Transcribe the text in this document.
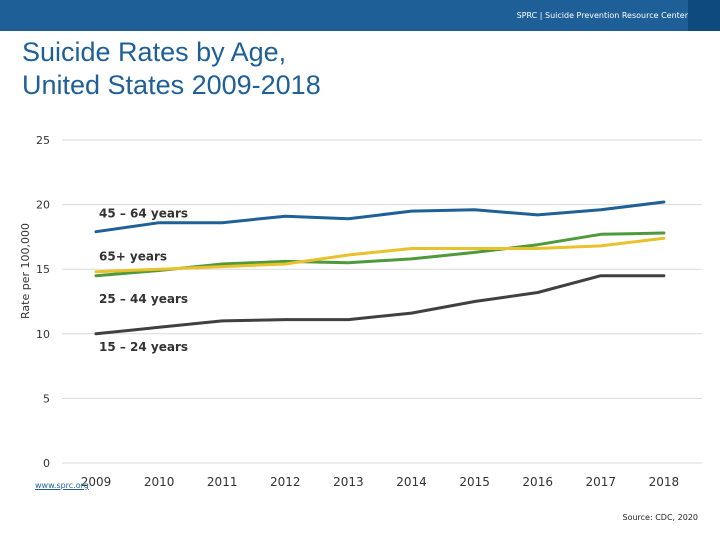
SPRC | Suicide Prevention Resource Center
Suicide Rates by Age,
United States 2009-2018
0
5
10
15
20
25
2009	2010	2011	2012	2013	2014	2015	2016	2017	2018
45 – 64 years
65+ years
25 – 44 years
15 – 24 years
Rate per 100,000
www.sprc.org
Source: CDC, 2020
